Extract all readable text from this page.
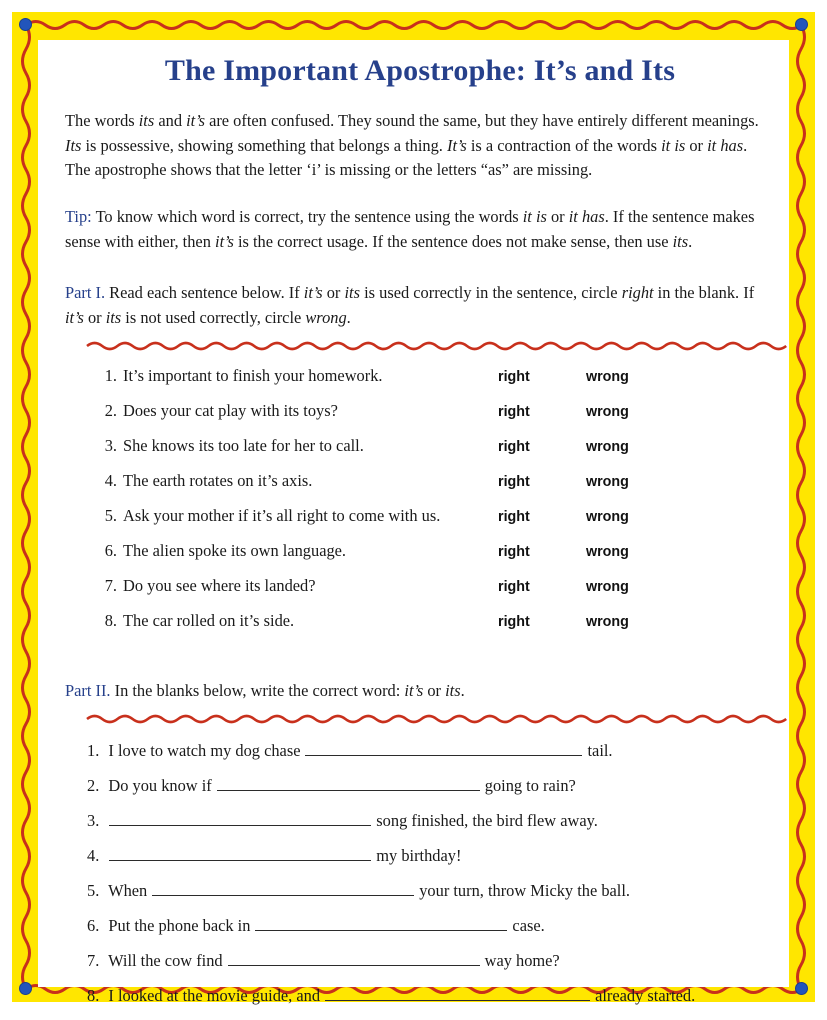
The Important Apostrophe: It’s and Its

The words its and it’s are often confused. They sound the same, but they have entirely different meanings. Its is possessive, showing something that belongs a thing. It’s is a contraction of the words it is or it has. The apostrophe shows that the letter ‘i’ is missing or the letters “as” are missing.

Tip: To know which word is correct, try the sentence using the words it is or it has. If the sentence makes sense with either, then it’s is the correct usage. If the sentence does not make sense, then use its.

Part I. Read each sentence below. If it’s or its is used correctly in the sentence, circle right in the blank. If it’s or its is not used correctly, circle wrong.

1. It’s important to finish your homework.	right	wrong
2. Does your cat play with its toys?	right	wrong
3. She knows its too late for her to call.	right	wrong
4. The earth rotates on it’s axis.	right	wrong
5. Ask your mother if it’s all right to come with us.	right	wrong
6. The alien spoke its own language.	right	wrong
7. Do you see where its landed?	right	wrong
8. The car rolled on it’s side.	right	wrong

Part II. In the blanks below, write the correct word: it’s or its.

1. I love to watch my dog chase	tail.
2. Do you know if	going to rain?
3.	song finished, the bird flew away.
4.	my birthday!
5. When	your turn, throw Micky the ball.
6. Put the phone back in	case.
7. Will the cow find	way home?
8. I looked at the movie guide, and	already started.
